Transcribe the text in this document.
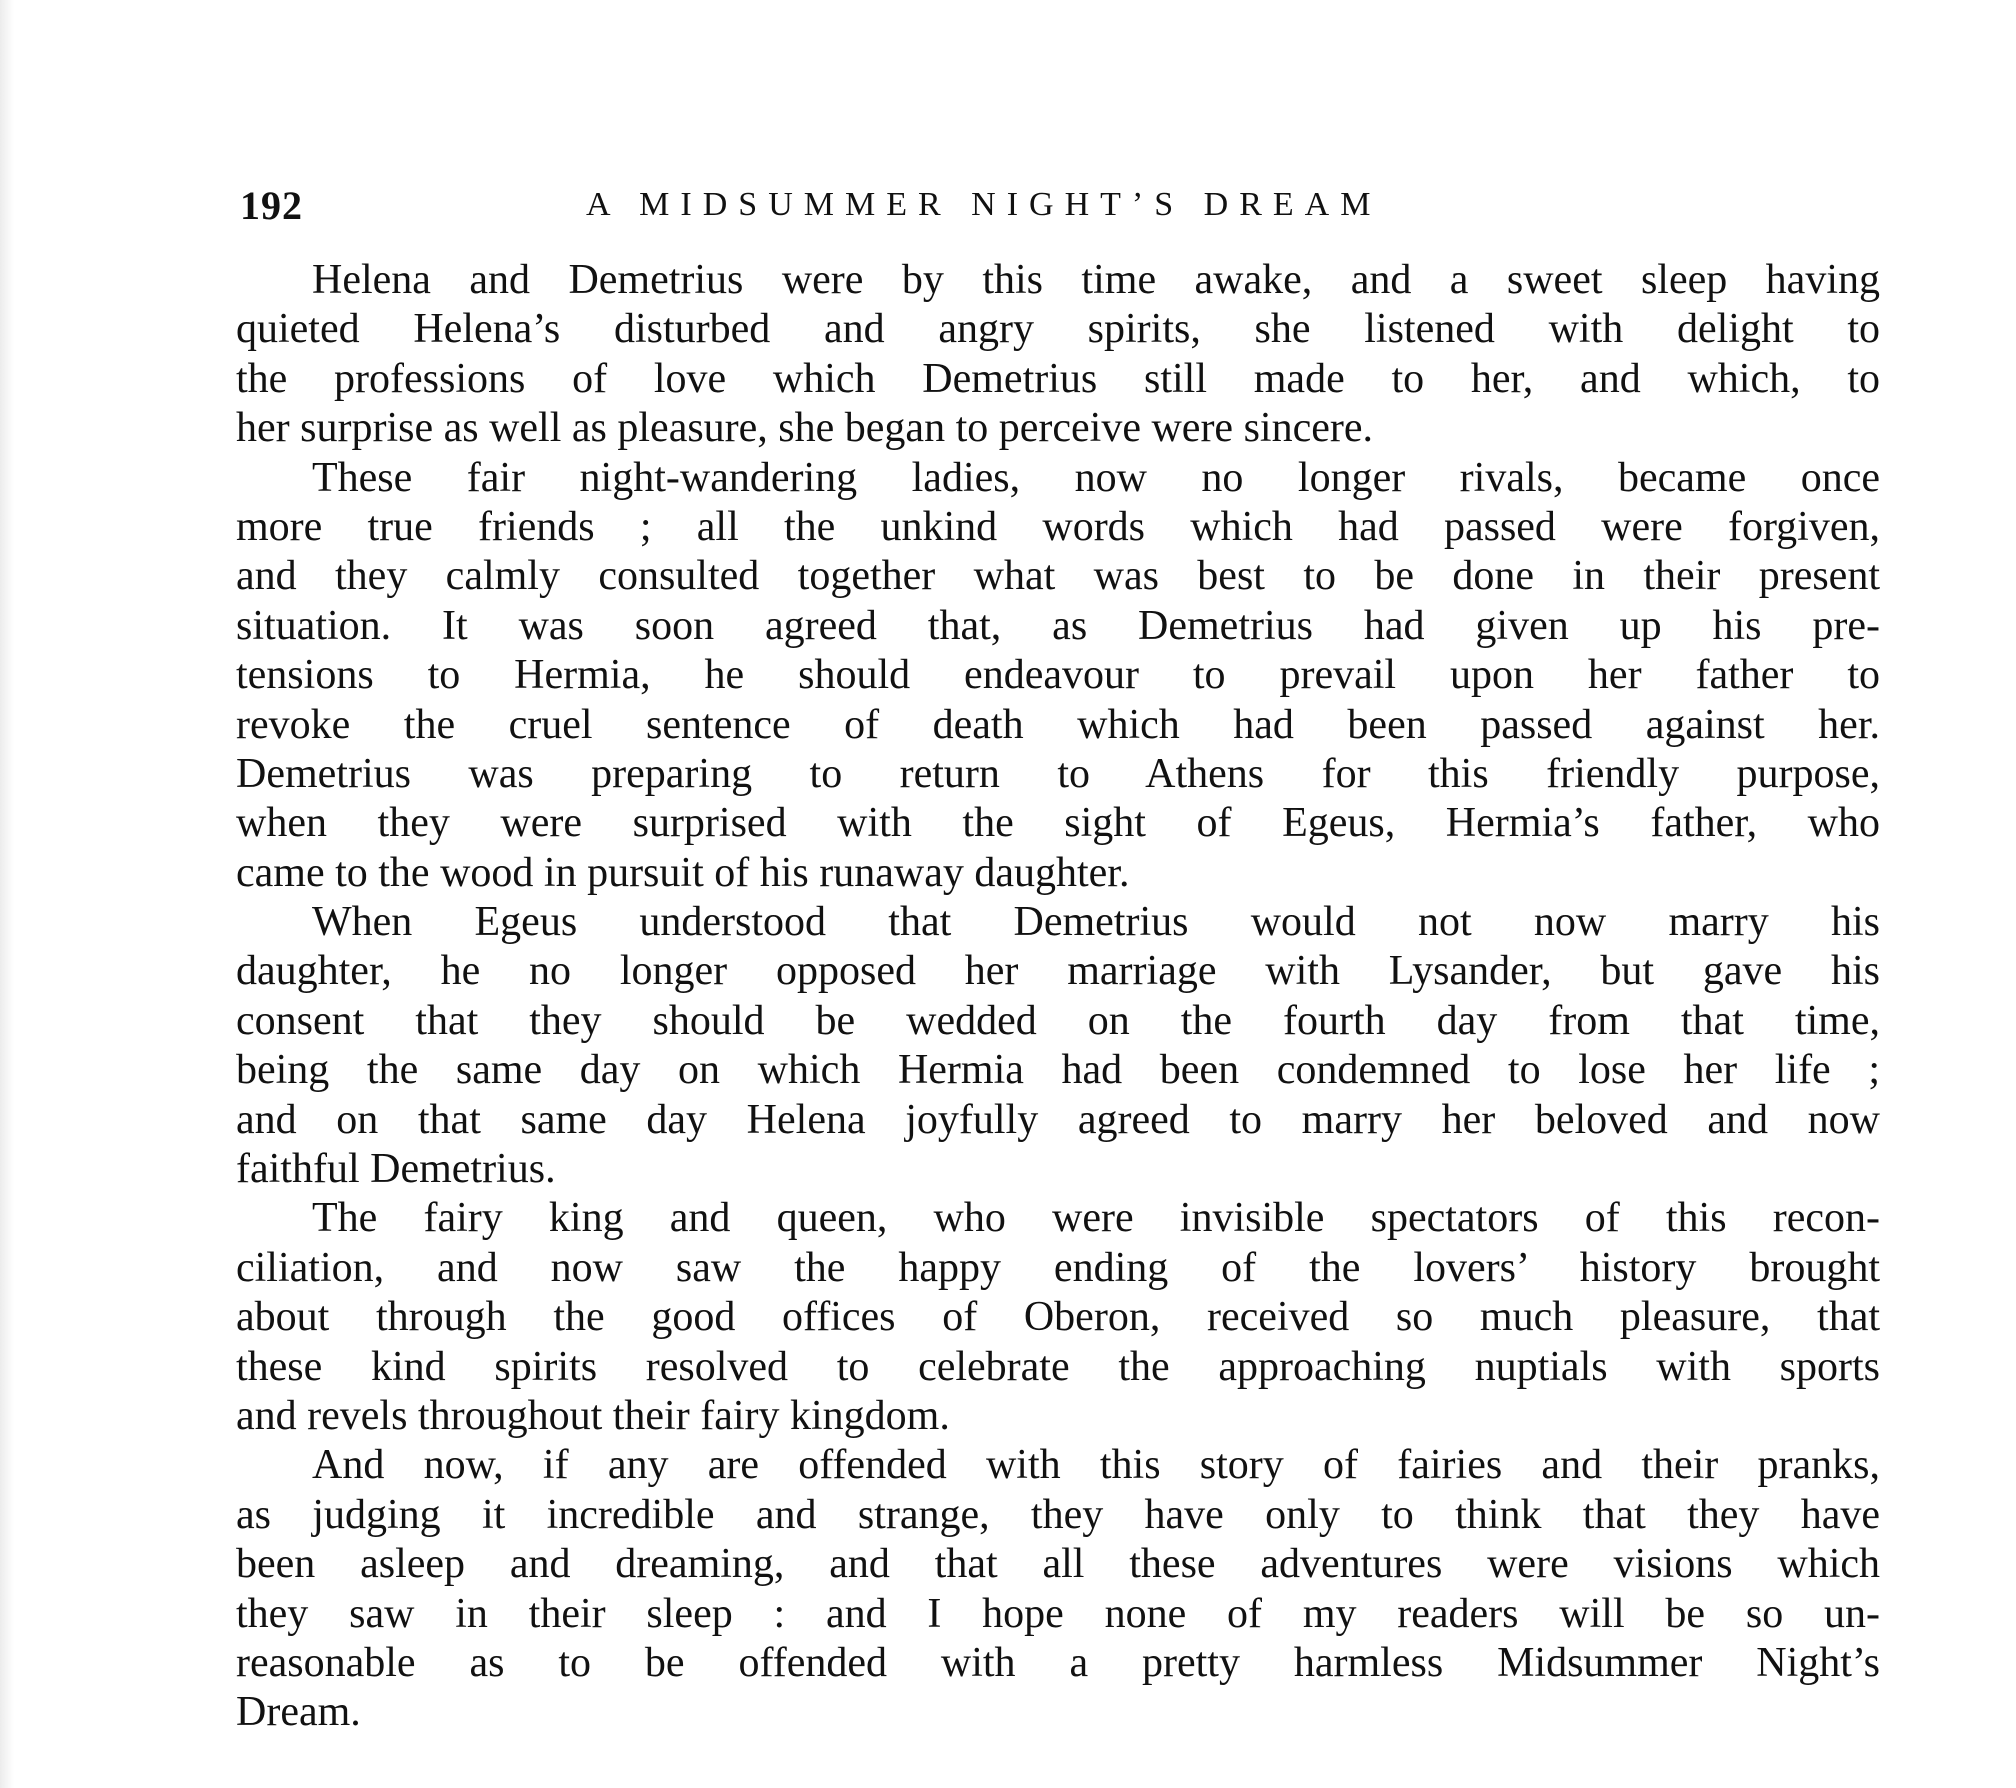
192	A MIDSUMMER NIGHT’S DREAM
Helena and Demetrius were by this time awake, and a sweet sleep having
quieted Helena’s disturbed and angry spirits, she listened with delight to
the professions of love which Demetrius still made to her, and which, to
her surprise as well as pleasure, she began to perceive were sincere.
These fair night-wandering ladies, now no longer rivals, became once
more true friends ; all the unkind words which had passed were forgiven,
and they calmly consulted together what was best to be done in their present
situation. It was soon agreed that, as Demetrius had given up his pre-
tensions to Hermia, he should endeavour to prevail upon her father to
revoke the cruel sentence of death which had been passed against her.
Demetrius was preparing to return to Athens for this friendly purpose,
when they were surprised with the sight of Egeus, Hermia’s father, who
came to the wood in pursuit of his runaway daughter.
When Egeus understood that Demetrius would not now marry his
daughter, he no longer opposed her marriage with Lysander, but gave his
consent that they should be wedded on the fourth day from that time,
being the same day on which Hermia had been condemned to lose her life ;
and on that same day Helena joyfully agreed to marry her beloved and now
faithful Demetrius.
The fairy king and queen, who were invisible spectators of this recon-
ciliation, and now saw the happy ending of the lovers’ history brought
about through the good offices of Oberon, received so much pleasure, that
these kind spirits resolved to celebrate the approaching nuptials with sports
and revels throughout their fairy kingdom.
And now, if any are offended with this story of fairies and their pranks,
as judging it incredible and strange, they have only to think that they have
been asleep and dreaming, and that all these adventures were visions which
they saw in their sleep : and I hope none of my readers will be so un-
reasonable as to be offended with a pretty harmless Midsummer Night’s
Dream.
